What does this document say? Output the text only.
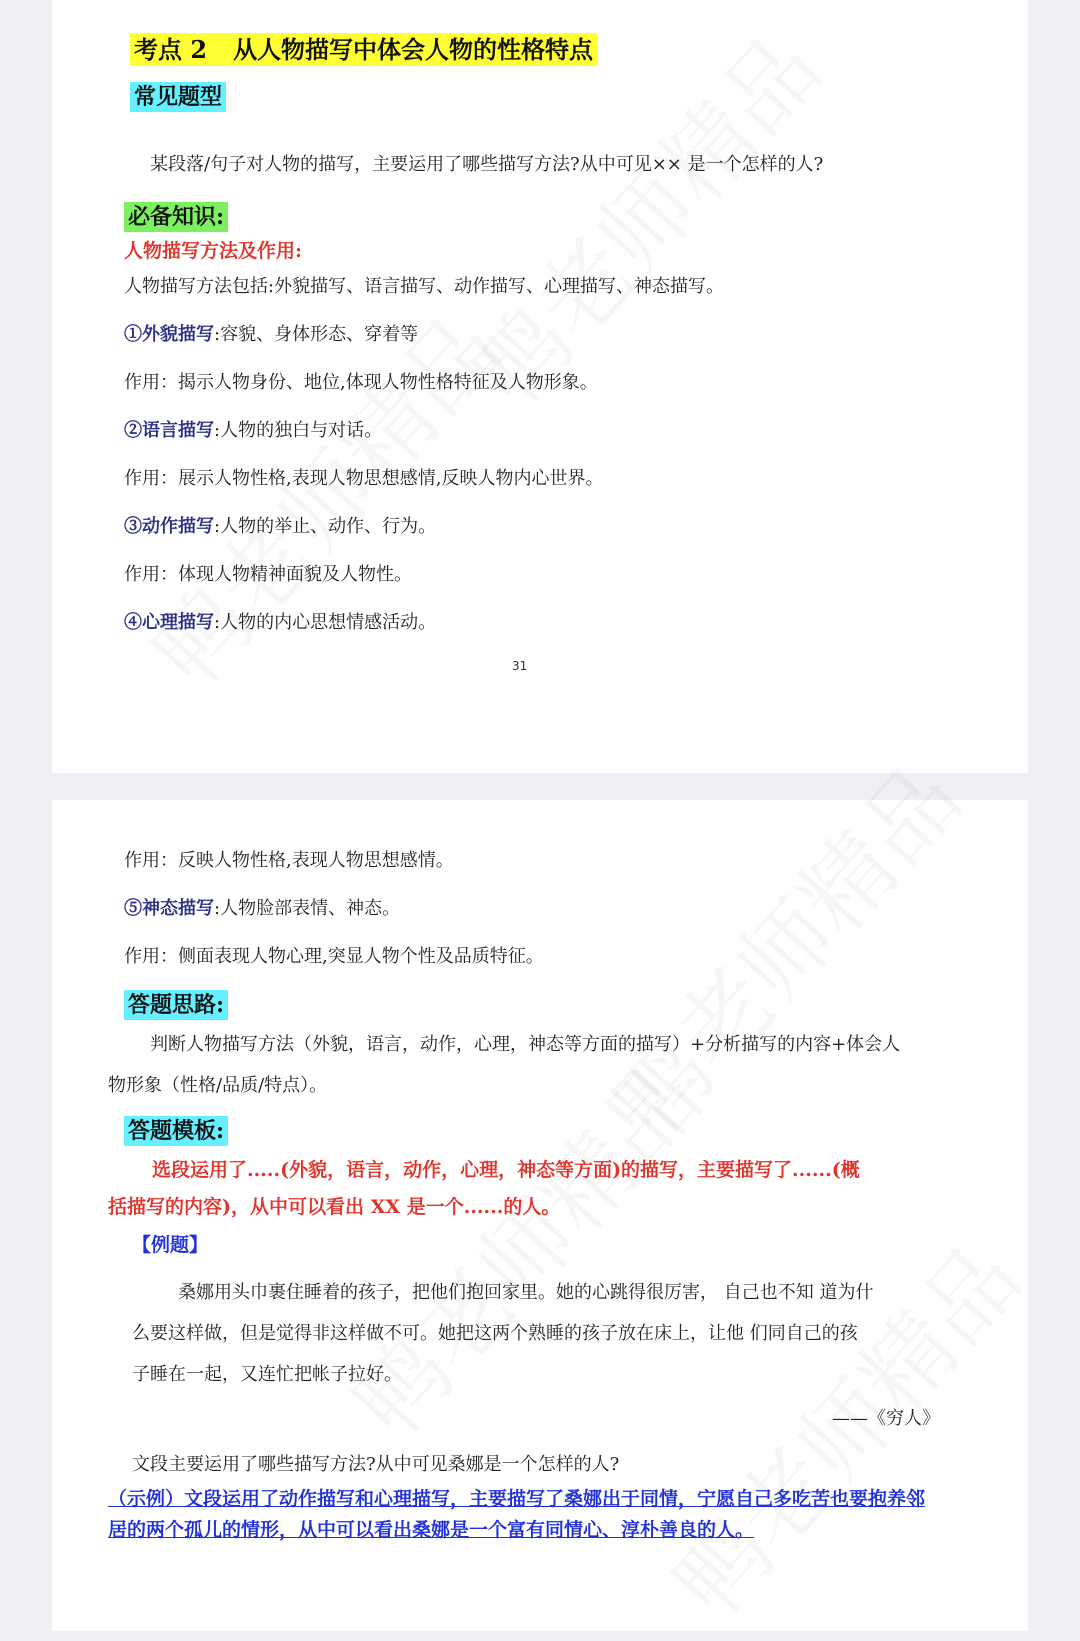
考点 2 从人物描写中体会人物的性格特点
常见题型
某段落/句子对人物的描写，主要运用了哪些描写方法?从中可见×× 是一个怎样的人?
必备知识:
人物描写方法及作用:
人物描写方法包括:外貌描写、语言描写、动作描写、心理描写、神态描写。
①外貌描写:容貌、身体形态、穿着等
作用：揭示人物身份、地位,体现人物性格特征及人物形象。
②语言描写:人物的独白与对话。
作用：展示人物性格,表现人物思想感情,反映人物内心世界。
③动作描写:人物的举止、动作、行为。
作用：体现人物精神面貌及人物性。
④心理描写:人物的内心思想情感活动。
31
作用：反映人物性格,表现人物思想感情。
⑤神态描写:人物脸部表情、神态。
作用：侧面表现人物心理,突显人物个性及品质特征。
答题思路:
判断人物描写方法（外貌，语言，动作，心理，神态等方面的描写）+分析描写的内容+体会人
物形象（性格/品质/特点）。
答题模板:
选段运用了.....(外貌，语言，动作，心理，神态等方面)的描写，主要描写了......(概
括描写的内容)，从中可以看出 XX 是一个......的人。
【例题】
桑娜用头巾裹住睡着的孩子，把他们抱回家里。她的心跳得很厉害， 自己也不知 道为什
么要这样做，但是觉得非这样做不可。她把这两个熟睡的孩子放在床上，让他 们同自己的孩
子睡在一起，又连忙把帐子拉好。
——《穷人》
文段主要运用了哪些描写方法?从中可见桑娜是一个怎样的人?
（示例）文段运用了动作描写和心理描写，主要描写了桑娜出于同情，宁愿自己多吃苦也要抱养邻
居的两个孤儿的情形，从中可以看出桑娜是一个富有同情心、淳朴善良的人。
